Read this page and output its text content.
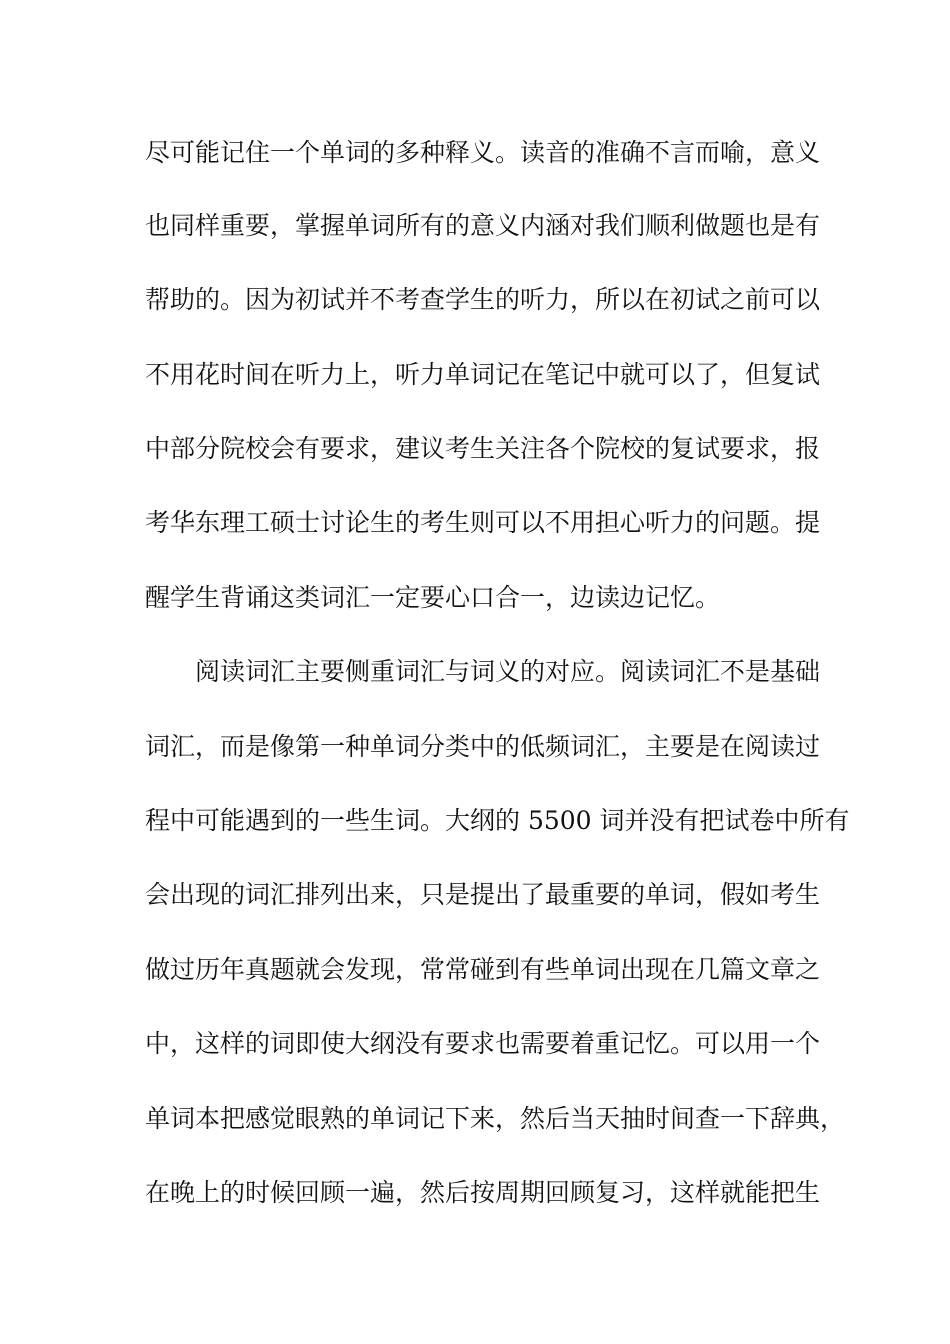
尽可能记住一个单词的多种释义。读音的准确不言而喻，意义
也同样重要，掌握单词所有的意义内涵对我们顺利做题也是有
帮助的。因为初试并不考查学生的听力，所以在初试之前可以
不用花时间在听力上，听力单词记在笔记中就可以了，但复试
中部分院校会有要求，建议考生关注各个院校的复试要求，报
考华东理工硕士讨论生的考生则可以不用担心听力的问题。提
醒学生背诵这类词汇一定要心口合一，边读边记忆。
阅读词汇主要侧重词汇与词义的对应。阅读词汇不是基础
词汇，而是像第一种单词分类中的低频词汇，主要是在阅读过
程中可能遇到的一些生词。大纲的 5500 词并没有把试卷中所有
会出现的词汇排列出来，只是提出了最重要的单词，假如考生
做过历年真题就会发现，常常碰到有些单词出现在几篇文章之
中，这样的词即使大纲没有要求也需要着重记忆。可以用一个
单词本把感觉眼熟的单词记下来，然后当天抽时间查一下辞典，
在晚上的时候回顾一遍，然后按周期回顾复习，这样就能把生
